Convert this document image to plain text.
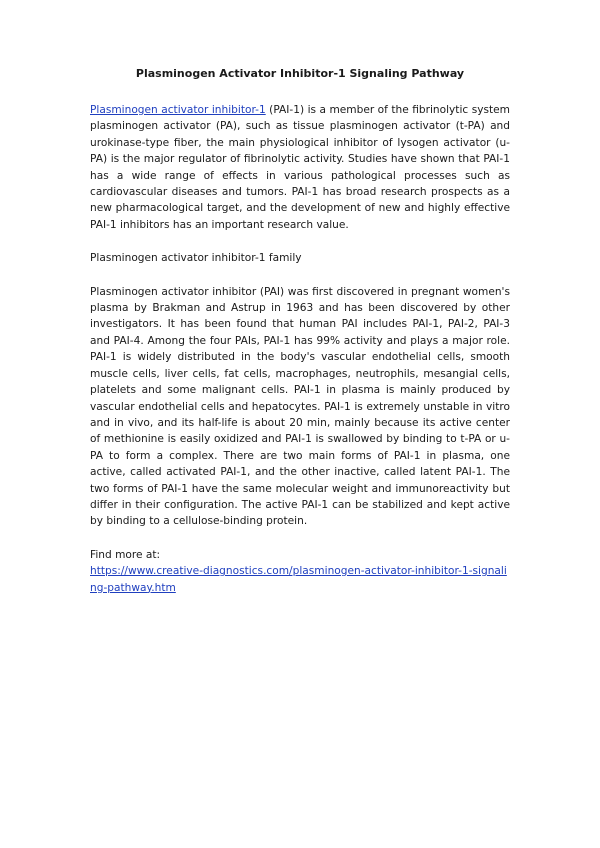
Plasminogen Activator Inhibitor-1 Signaling Pathway

Plasminogen activator inhibitor-1 (PAI-1) is a member of the fibrinolytic system plasminogen activator (PA), such as tissue plasminogen activator (t-PA) and urokinase-type fiber, the main physiological inhibitor of lysogen activator (u-PA) is the major regulator of fibrinolytic activity. Studies have shown that PAI-1 has a wide range of effects in various pathological processes such as cardiovascular diseases and tumors. PAI-1 has broad research prospects as a new pharmacological target, and the development of new and highly effective PAI-1 inhibitors has an important research value.

Plasminogen activator inhibitor-1 family

Plasminogen activator inhibitor (PAI) was first discovered in pregnant women's plasma by Brakman and Astrup in 1963 and has been discovered by other investigators. It has been found that human PAI includes PAI-1, PAI-2, PAI-3 and PAI-4. Among the four PAIs, PAI-1 has 99% activity and plays a major role. PAI-1 is widely distributed in the body's vascular endothelial cells, smooth muscle cells, liver cells, fat cells, macrophages, neutrophils, mesangial cells, platelets and some malignant cells. PAI-1 in plasma is mainly produced by vascular endothelial cells and hepatocytes. PAI-1 is extremely unstable in vitro and in vivo, and its half-life is about 20 min, mainly because its active center of methionine is easily oxidized and PAI-1 is swallowed by binding to t-PA or u-PA to form a complex. There are two main forms of PAI-1 in plasma, one active, called activated PAI-1, and the other inactive, called latent PAI-1. The two forms of PAI-1 have the same molecular weight and immunoreactivity but differ in their configuration. The active PAI-1 can be stabilized and kept active by binding to a cellulose-binding protein.

Find more at:

https://www.creative-diagnostics.com/plasminogen-activator-inhibitor-1-signaling-pathway.htm
